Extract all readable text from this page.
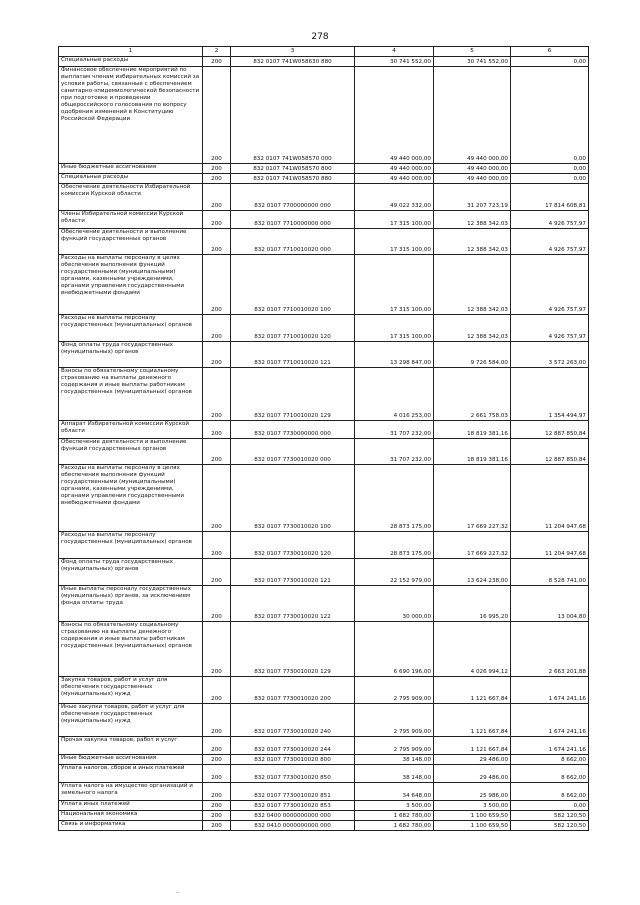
278
1	2	3	4	5	6
Специальные расходы	200	832 0107 741W058630 880	30 741 552,00	30 741 552,00	0,00
Финансовое обеспечение мероприятий по выплатам членам избирательных комиссий за условия работы, связанные с обеспечением санитарно-эпидемиологической безопасности при подготовке и проведении общероссийского голосования по вопросу одобрения изменений в Конституцию Российской Федерации	200	832 0107 741W058570 000	49 440 000,00	49 440 000,00	0,00
Иные бюджетные ассигнования	200	832 0107 741W058570 800	49 440 000,00	49 440 000,00	0,00
Специальные расходы	200	832 0107 741W058570 880	49 440 000,00	49 440 000,00	0,00
Обеспечение деятельности Избирательной комиссии Курской области	200	832 0107 7700000000 000	49 022 332,00	31 207 723,19	17 814 608,81
Члены Избирательной комиссии Курской области	200	832 0107 7710000000 000	17 315 100,00	12 388 342,03	4 926 757,97
Обеспечение деятельности и выполнение функций государственных органов	200	832 0107 7710010020 000	17 315 100,00	12 388 342,03	4 926 757,97
Расходы на выплаты персоналу в целях обеспечения выполнения функций государственными (муниципальными) органами, казенными учреждениями, органами управления государственными внебюджетными фондами	200	832 0107 7710010020 100	17 315 100,00	12 388 342,03	4 926 757,97
Расходы на выплаты персоналу государственных (муниципальных) органов	200	832 0107 7710010020 120	17 315 100,00	12 388 342,03	4 926 757,97
Фонд оплаты труда государственных (муниципальных) органов	200	832 0107 7710010020 121	13 298 847,00	9 726 584,00	3 572 263,00
Взносы по обязательному социальному страхованию на выплаты денежного содержания и иные выплаты работникам государственных (муниципальных) органов	200	832 0107 7710010020 129	4 016 253,00	2 661 758,03	1 354 494,97
Аппарат Избирательной комиссии Курской области	200	832 0107 7730000000 000	31 707 232,00	18 819 381,16	12 887 850,84
Обеспечение деятельности и выполнение функций государственных органов	200	832 0107 7730010020 000	31 707 232,00	18 819 381,16	12 887 850,84
Расходы на выплаты персоналу в целях обеспечения выполнения функций государственными (муниципальными) органами, казенными учреждениями, органами управления государственными внебюджетными фондами	200	832 0107 7730010020 100	28 873 175,00	17 669 227,32	11 204 947,68
Расходы на выплаты персоналу государственных (муниципальных) органов	200	832 0107 7730010020 120	28 873 175,00	17 669 227,32	11 204 947,68
Фонд оплаты труда государственных (муниципальных) органов	200	832 0107 7730010020 121	22 152 979,00	13 624 238,00	8 528 741,00
Иные выплаты персоналу государственных (муниципальных) органов, за исключением фонда оплаты труда	200	832 0107 7730010020 122	30 000,00	16 995,20	13 004,80
Взносы по обязательному социальному страхованию на выплаты денежного содержания и иные выплаты работникам государственных (муниципальных) органов	200	832 0107 7730010020 129	6 690 196,00	4 026 994,12	2 663 201,88
Закупка товаров, работ и услуг для обеспечения государственных (муниципальных) нужд	200	832 0107 7730010020 200	2 795 909,00	1 121 667,84	1 674 241,16
Иные закупки товаров, работ и услуг для обеспечения государственных (муниципальных) нужд	200	832 0107 7730010020 240	2 795 909,00	1 121 667,84	1 674 241,16
Прочая закупка товаров, работ и услуг	200	832 0107 7730010020 244	2 795 909,00	1 121 667,84	1 674 241,16
Иные бюджетные ассигнования	200	832 0107 7730010020 800	38 148,00	29 486,00	8 662,00
Уплата налогов, сборов и иных платежей	200	832 0107 7730010020 850	38 148,00	29 486,00	8 662,00
Уплата налога на имущество организаций и земельного налога	200	832 0107 7730010020 851	34 648,00	25 986,00	8 662,00
Уплата иных платежей	200	832 0107 7730010020 853	3 500,00	3 500,00	0,00
Национальная экономика	200	832 0400 0000000000 000	1 682 780,00	1 100 659,50	582 120,50
Связь и информатика	200	832 0410 0000000000 000	1 682 780,00	1 100 659,50	582 120,50
..
